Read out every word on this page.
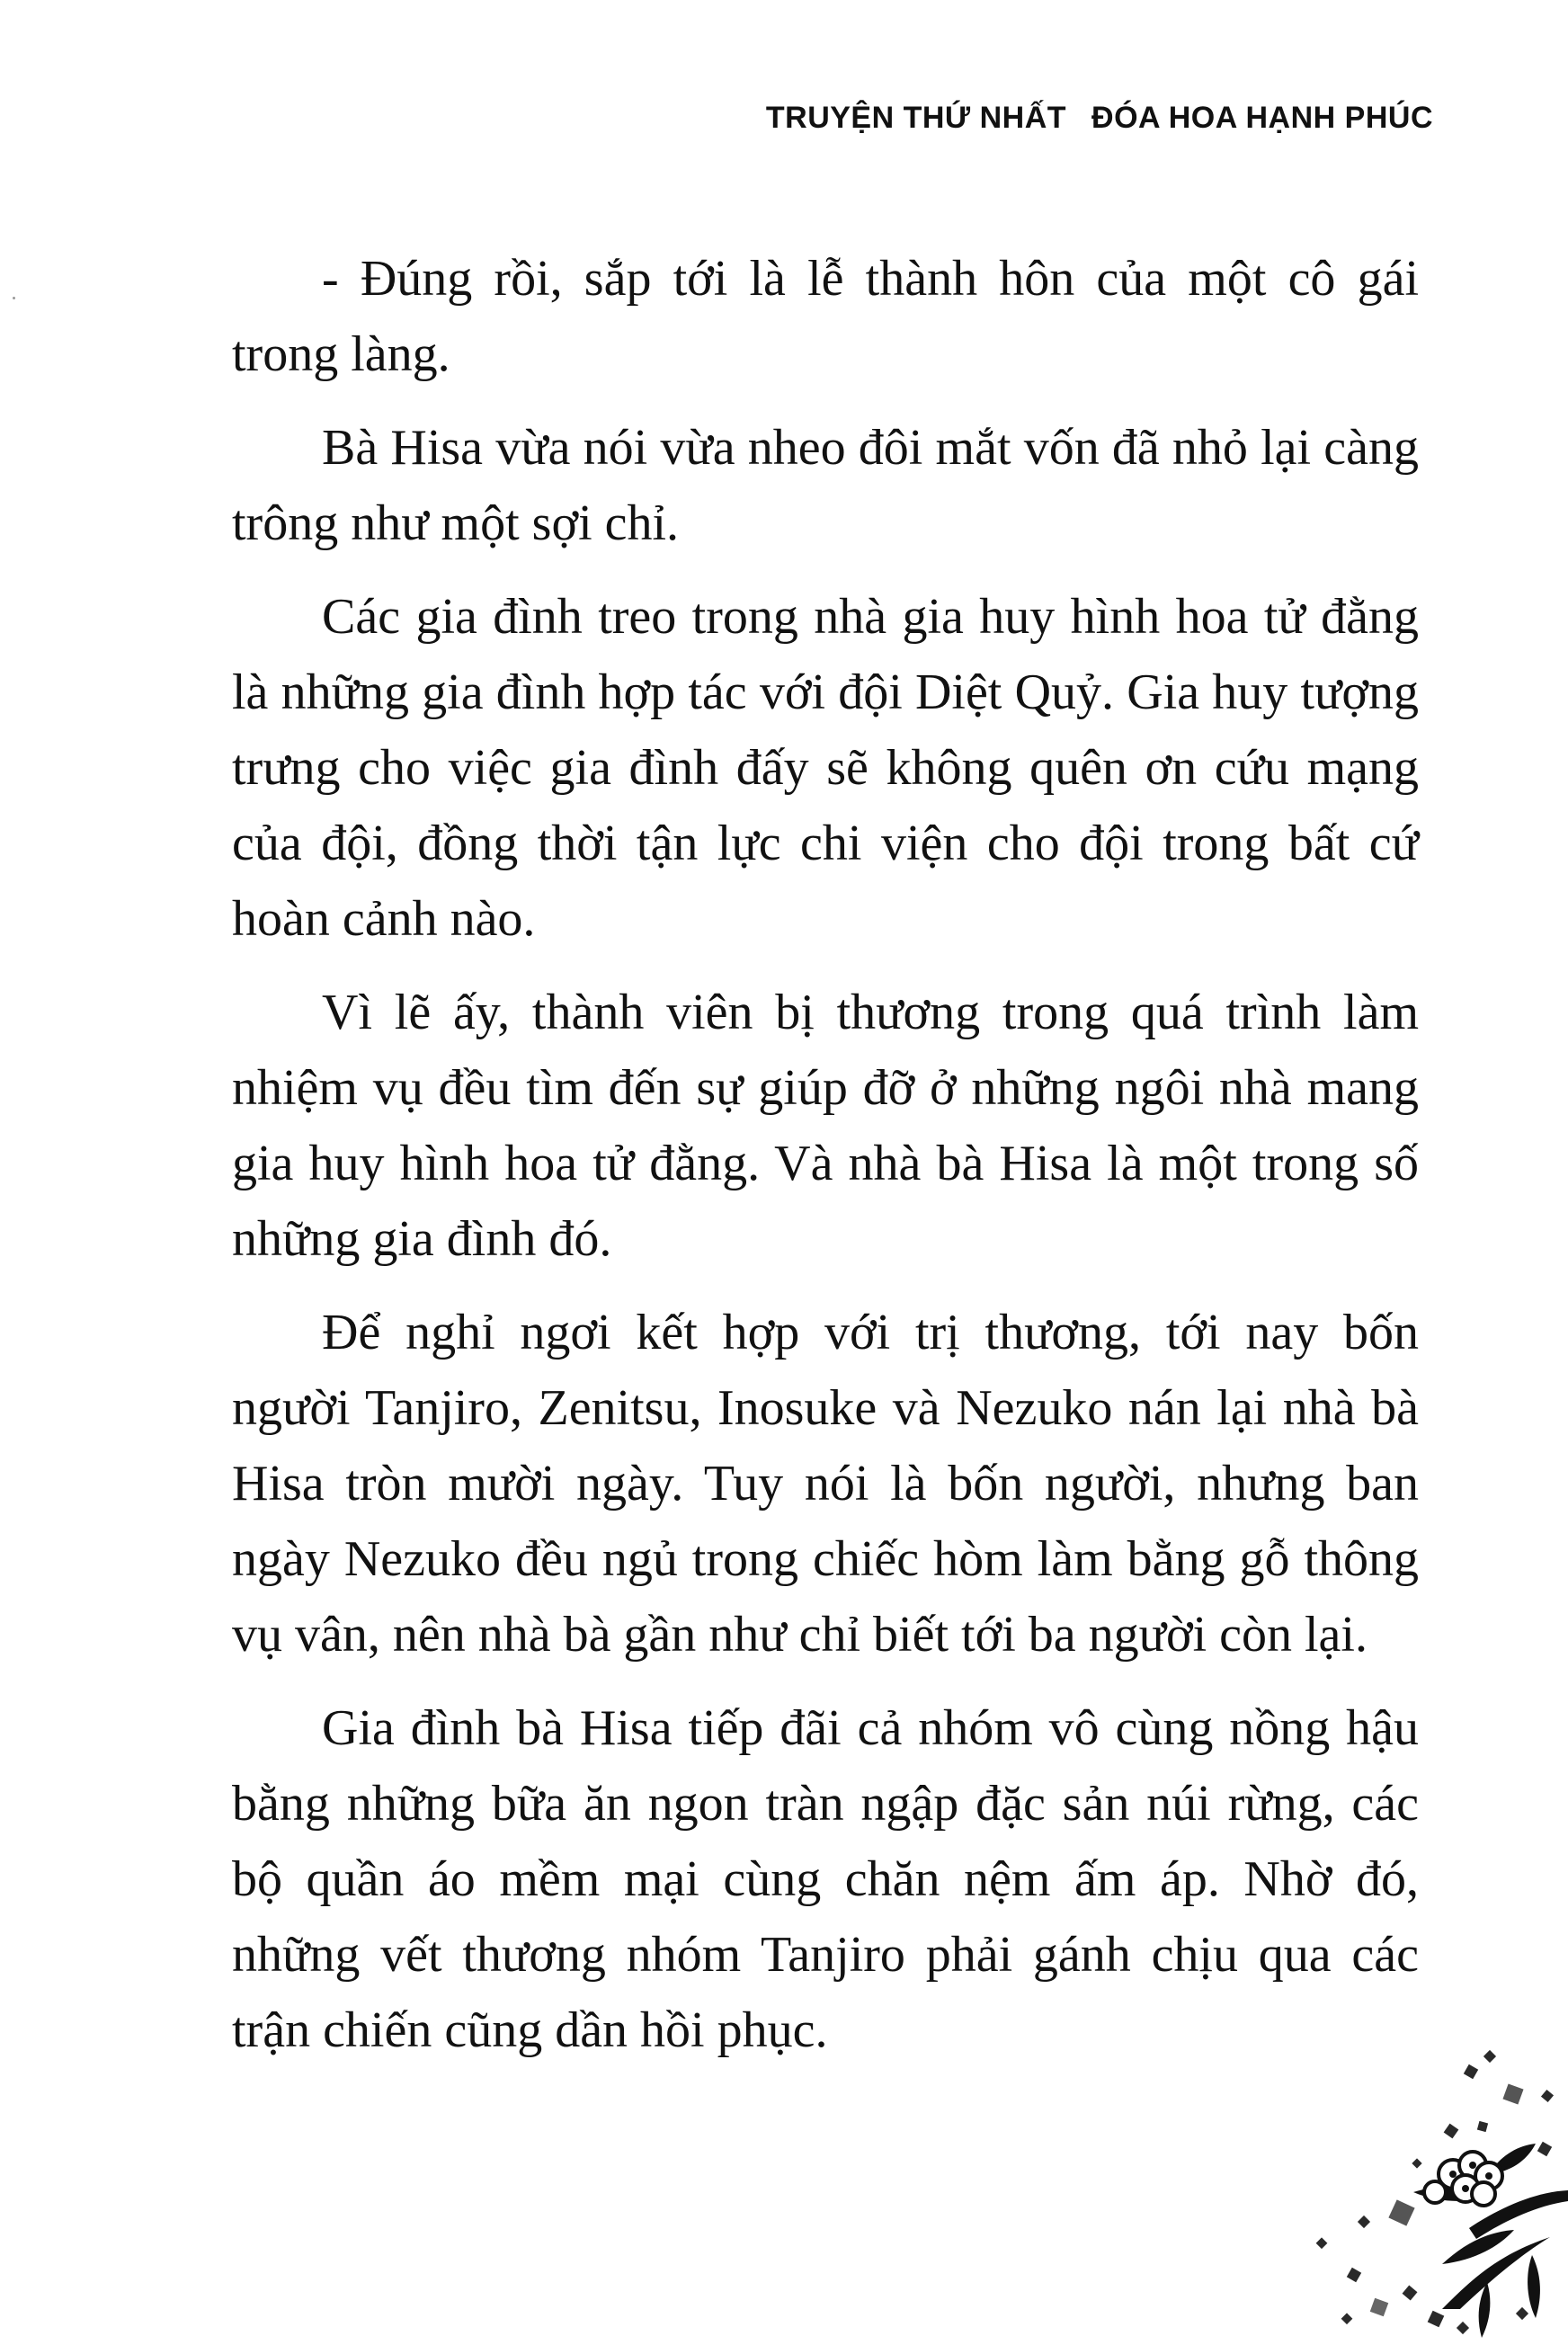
TRUYỆN THỨ NHẤT ĐÓA HOA HẠNH PHÚC

- Đúng rồi, sắp tới là lễ thành hôn của một cô gái trong làng.

Bà Hisa vừa nói vừa nheo đôi mắt vốn đã nhỏ lại càng trông như một sợi chỉ.

Các gia đình treo trong nhà gia huy hình hoa tử đằng là những gia đình hợp tác với đội Diệt Quỷ. Gia huy tượng trưng cho việc gia đình đấy sẽ không quên ơn cứu mạng của đội, đồng thời tận lực chi viện cho đội trong bất cứ hoàn cảnh nào.

Vì lẽ ấy, thành viên bị thương trong quá trình làm nhiệm vụ đều tìm đến sự giúp đỡ ở những ngôi nhà mang gia huy hình hoa tử đằng. Và nhà bà Hisa là một trong số những gia đình đó.

Để nghỉ ngơi kết hợp với trị thương, tới nay bốn người Tanjiro, Zenitsu, Inosuke và Nezuko nán lại nhà bà Hisa tròn mười ngày. Tuy nói là bốn người, nhưng ban ngày Nezuko đều ngủ trong chiếc hòm làm bằng gỗ thông vụ vân, nên nhà bà gần như chỉ biết tới ba người còn lại.

Gia đình bà Hisa tiếp đãi cả nhóm vô cùng nồng hậu bằng những bữa ăn ngon tràn ngập đặc sản núi rừng, các bộ quần áo mềm mại cùng chăn nệm ấm áp. Nhờ đó, những vết thương nhóm Tanjiro phải gánh chịu qua các trận chiến cũng dần hồi phục.
